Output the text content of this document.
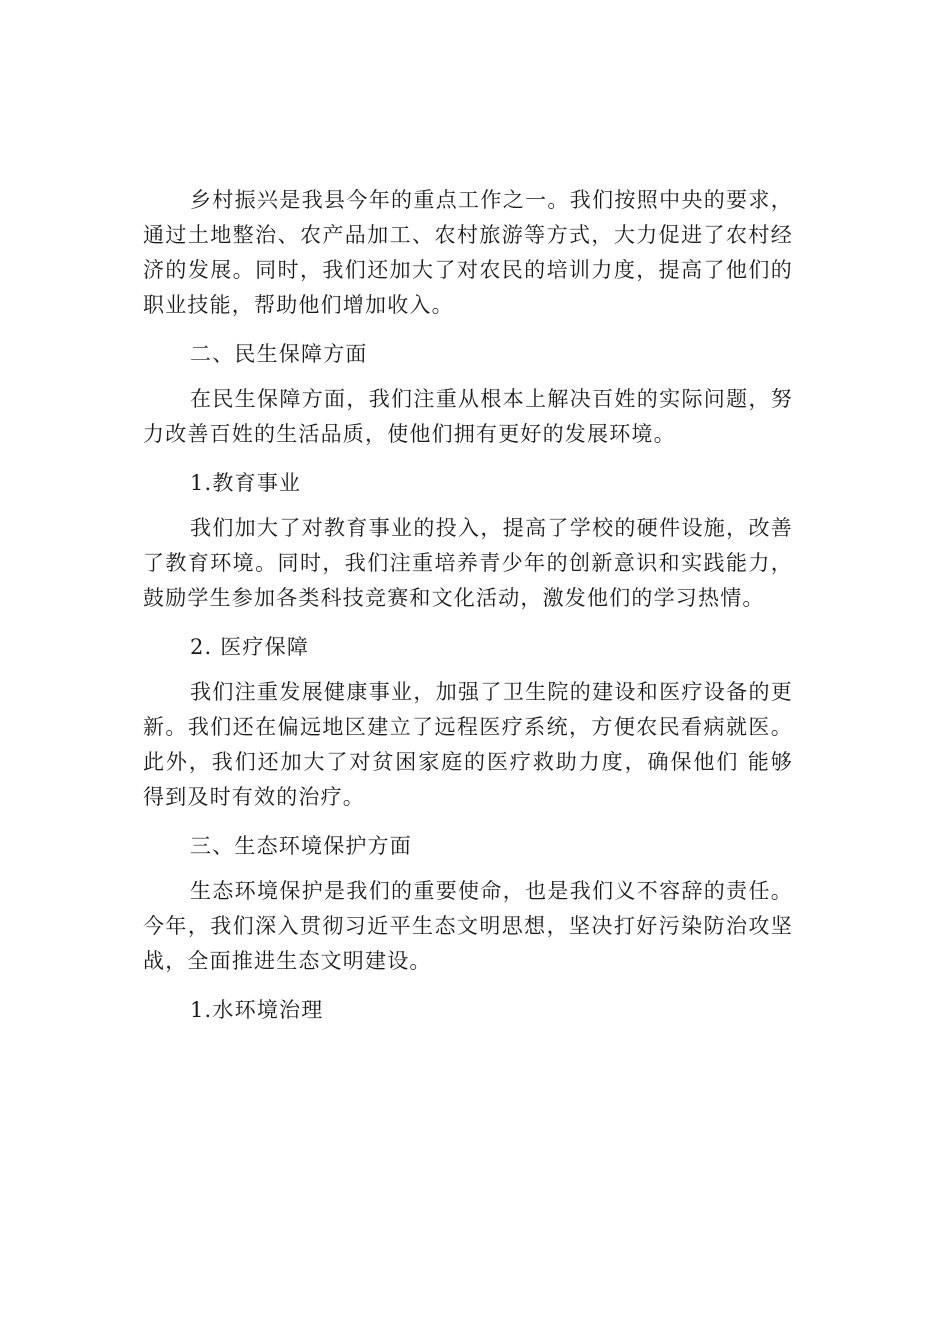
乡村振兴是我县今年的重点工作之一。我们按照中央的要求，通过土地整治、农产品加工、农村旅游等方式，大力促进了农村经济的发展。同时，我们还加大了对农民的培训力度，提高了他们的职业技能，帮助他们增加收入。

二、民生保障方面

在民生保障方面，我们注重从根本上解决百姓的实际问题，努力改善百姓的生活品质，使他们拥有更好的发展环境。

1.教育事业

我们加大了对教育事业的投入，提高了学校的硬件设施，改善了教育环境。同时，我们注重培养青少年的创新意识和实践能力，鼓励学生参加各类科技竞赛和文化活动，激发他们的学习热情。

2. 医疗保障

我们注重发展健康事业，加强了卫生院的建设和医疗设备的更新。我们还在偏远地区建立了远程医疗系统，方便农民看病就医。此外，我们还加大了对贫困家庭的医疗救助力度，确保他们 能够得到及时有效的治疗。

三、生态环境保护方面

生态环境保护是我们的重要使命，也是我们义不容辞的责任。今年，我们深入贯彻习近平生态文明思想，坚决打好污染防治攻坚战，全面推进生态文明建设。

1.水环境治理
